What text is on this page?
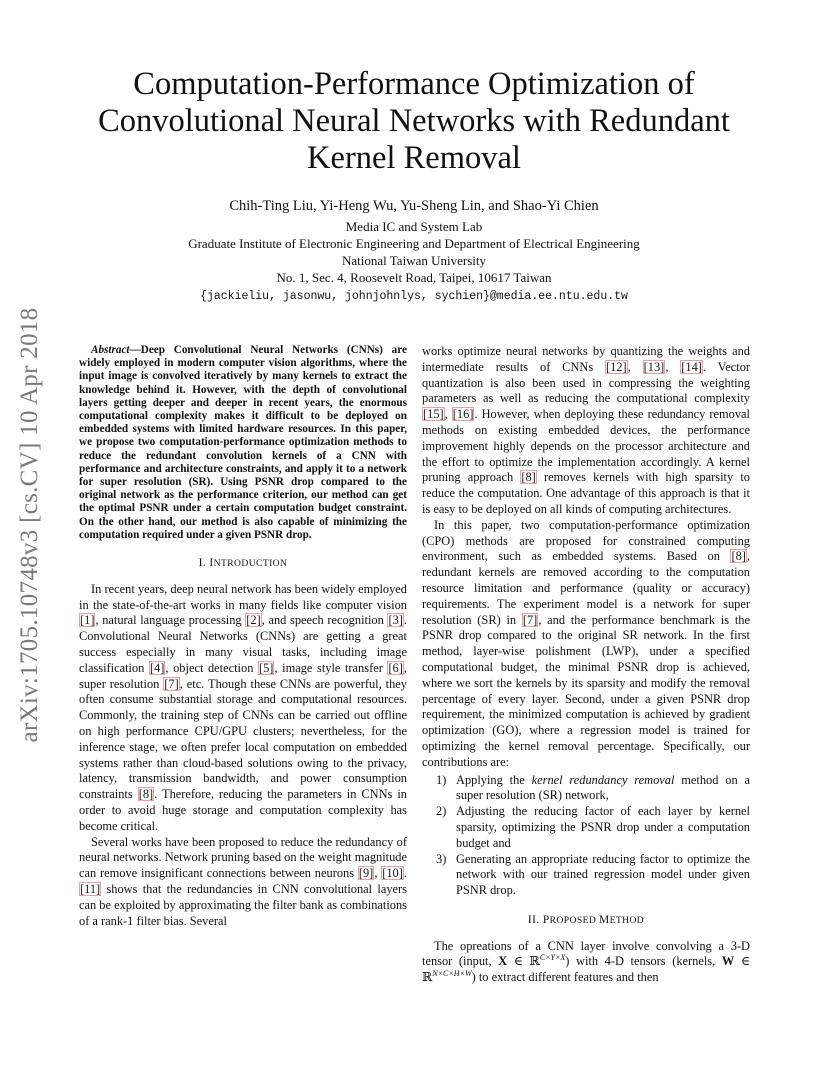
arXiv:1705.10748v3 [cs.CV] 10 Apr 2018
Computation-Performance Optimization of Convolutional Neural Networks with Redundant Kernel Removal
Chih-Ting Liu, Yi-Heng Wu, Yu-Sheng Lin, and Shao-Yi Chien
Media IC and System Lab
Graduate Institute of Electronic Engineering and Department of Electrical Engineering
National Taiwan University
No. 1, Sec. 4, Roosevelt Road, Taipei, 10617 Taiwan
{jackieliu, jasonwu, johnjohnlys, sychien}@media.ee.ntu.edu.tw

Abstract—Deep Convolutional Neural Networks (CNNs) are widely employed in modern computer vision algorithms, where the input image is convolved iteratively by many kernels to extract the knowledge behind it. However, with the depth of convolutional layers getting deeper and deeper in recent years, the enormous computational complexity makes it difficult to be deployed on embedded systems with limited hardware resources. In this paper, we propose two computation-performance optimization methods to reduce the redundant convolution kernels of a CNN with performance and architecture constraints, and apply it to a network for super resolution (SR). Using PSNR drop compared to the original network as the performance criterion, our method can get the optimal PSNR under a certain computation budget constraint. On the other hand, our method is also capable of minimizing the computation required under a given PSNR drop.

I. INTRODUCTION

In recent years, deep neural network has been widely employed in the state-of-the-art works in many fields like computer vision [1], natural language processing [2], and speech recognition [3]. Convolutional Neural Networks (CNNs) are getting a great success especially in many visual tasks, including image classification [4], object detection [5], image style transfer [6], super resolution [7], etc. Though these CNNs are powerful, they often consume substantial storage and computational resources. Commonly, the training step of CNNs can be carried out offline on high performance CPU/GPU clusters; nevertheless, for the inference stage, we often prefer local computation on embedded systems rather than cloud-based solutions owing to the privacy, latency, transmission bandwidth, and power consumption constraints [8]. Therefore, reducing the parameters in CNNs in order to avoid huge storage and computation complexity has become critical.

Several works have been proposed to reduce the redundancy of neural networks. Network pruning based on the weight magnitude can remove insignificant connections between neurons [9], [10]. [11] shows that the redundancies in CNN convolutional layers can be exploited by approximating the filter bank as combinations of a rank-1 filter bias. Several

works optimize neural networks by quantizing the weights and intermediate results of CNNs [12], [13], [14]. Vector quantization is also been used in compressing the weighting parameters as well as reducing the computational complexity [15], [16]. However, when deploying these redundancy removal methods on existing embedded devices, the performance improvement highly depends on the processor architecture and the effort to optimize the implementation accordingly. A kernel pruning approach [8] removes kernels with high sparsity to reduce the computation. One advantage of this approach is that it is easy to be deployed on all kinds of computing architectures.

In this paper, two computation-performance optimization (CPO) methods are proposed for constrained computing environment, such as embedded systems. Based on [8], redundant kernels are removed according to the computation resource limitation and performance (quality or accuracy) requirements. The experiment model is a network for super resolution (SR) in [7], and the performance benchmark is the PSNR drop compared to the original SR network. In the first method, layer-wise polishment (LWP), under a specified computational budget, the minimal PSNR drop is achieved, where we sort the kernels by its sparsity and modify the removal percentage of every layer. Second, under a given PSNR drop requirement, the minimized computation is achieved by gradient optimization (GO), where a regression model is trained for optimizing the kernel removal percentage. Specifically, our contributions are:

1) Applying the kernel redundancy removal method on a super resolution (SR) network,
2) Adjusting the reducing factor of each layer by kernel sparsity, optimizing the PSNR drop under a computation budget and
3) Generating an appropriate reducing factor to optimize the network with our trained regression model under given PSNR drop.
II. PROPOSED METHOD

The opreations of a CNN layer involve convolving a 3-D tensor (input, X ∈ ℝ$^{C\times Y\times X}$) with 4-D tensors (kernels, W ∈ ℝ$^{N\times C\times H\times W}$) to extract different features and then
